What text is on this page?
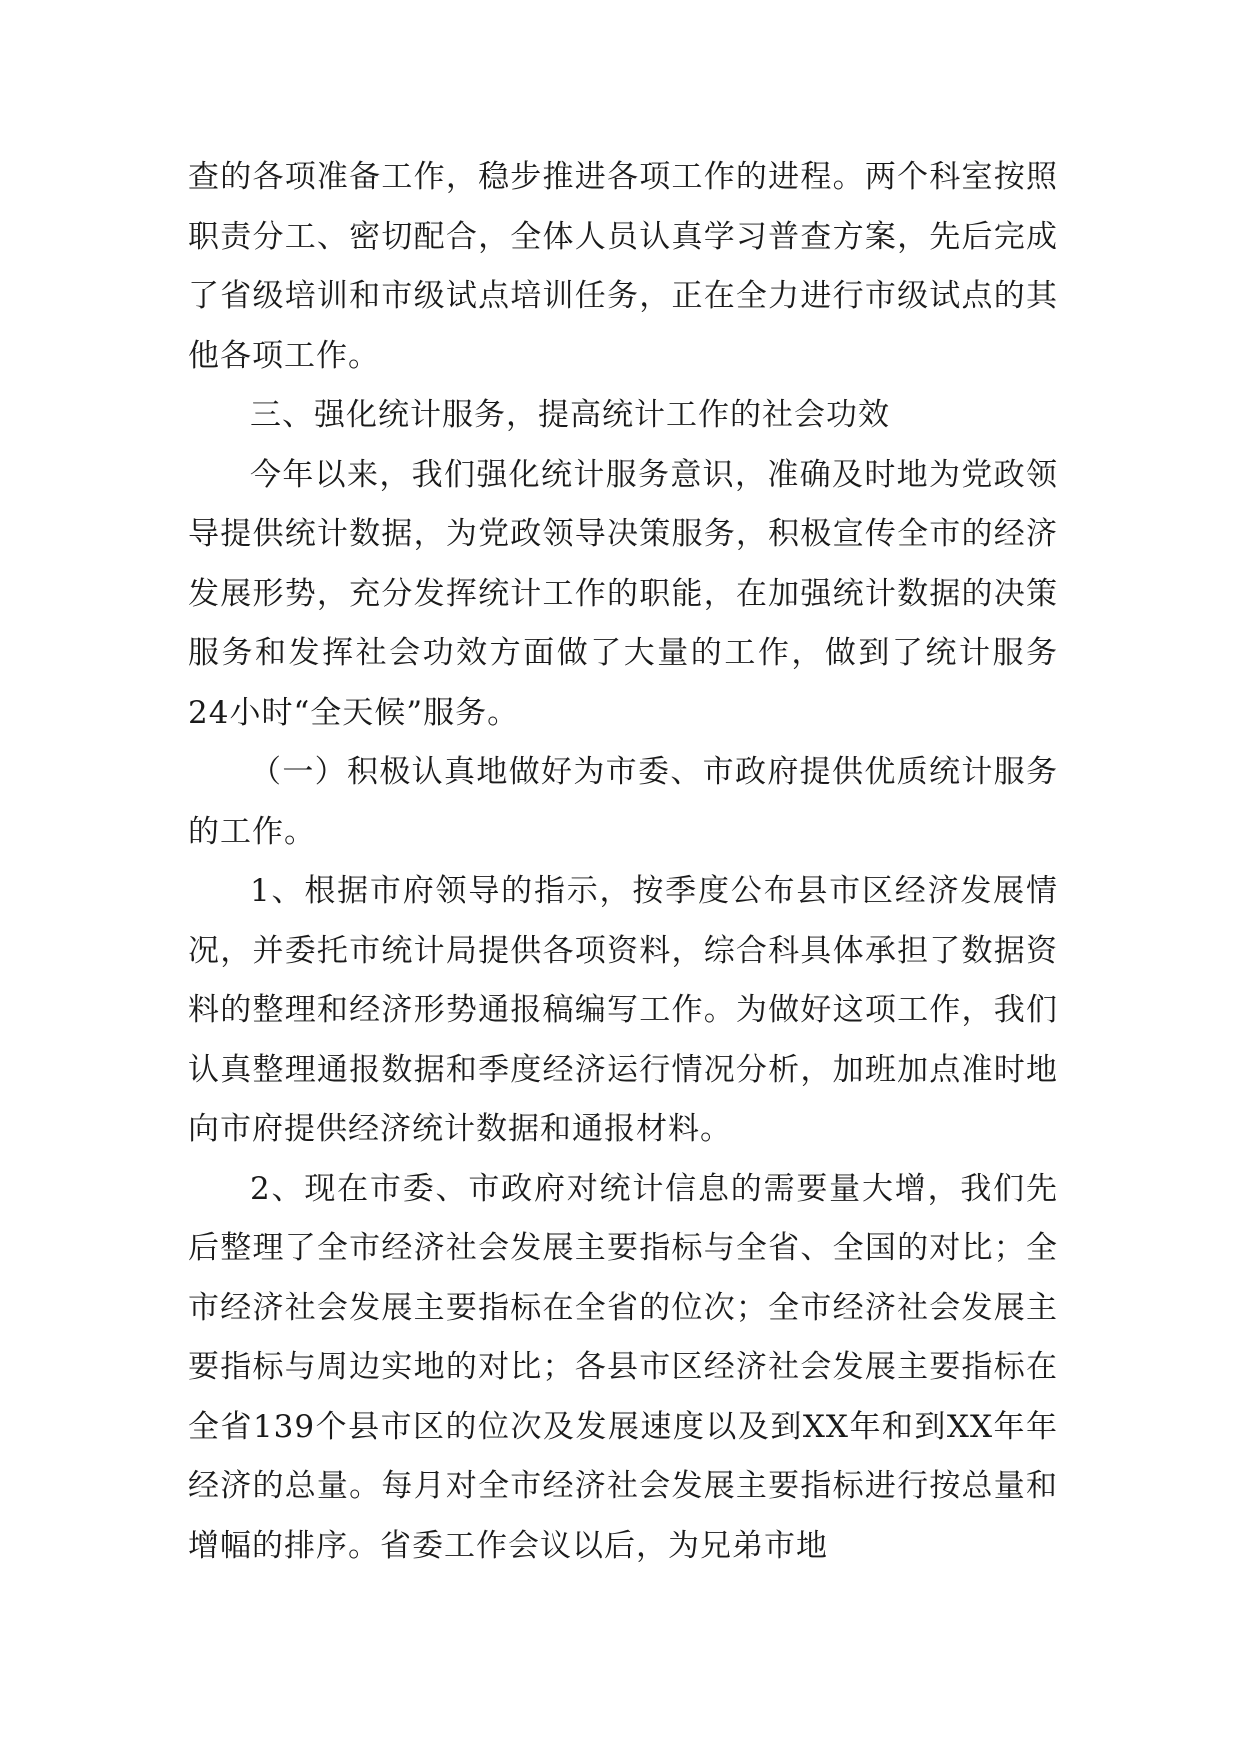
查的各项准备工作，稳步推进各项工作的进程。两个科室按照职责分工、密切配合，全体人员认真学习普查方案，先后完成了省级培训和市级试点培训任务，正在全力进行市级试点的其他各项工作。

三、强化统计服务，提高统计工作的社会功效

今年以来，我们强化统计服务意识，准确及时地为党政领导提供统计数据，为党政领导决策服务，积极宣传全市的经济发展形势，充分发挥统计工作的职能，在加强统计数据的决策服务和发挥社会功效方面做了大量的工作，做到了统计服务24小时“全天候”服务。

（一）积极认真地做好为市委、市政府提供优质统计服务的工作。

1、根据市府领导的指示，按季度公布县市区经济发展情况，并委托市统计局提供各项资料，综合科具体承担了数据资料的整理和经济形势通报稿编写工作。为做好这项工作，我们认真整理通报数据和季度经济运行情况分析，加班加点准时地向市府提供经济统计数据和通报材料。

2、现在市委、市政府对统计信息的需要量大增，我们先后整理了全市经济社会发展主要指标与全省、全国的对比；全市经济社会发展主要指标在全省的位次；全市经济社会发展主要指标与周边实地的对比；各县市区经济社会发展主要指标在全省139个县市区的位次及发展速度以及到XX年和到XX年年经济的总量。每月对全市经济社会发展主要指标进行按总量和增幅的排序。省委工作会议以后，为兄弟市地
